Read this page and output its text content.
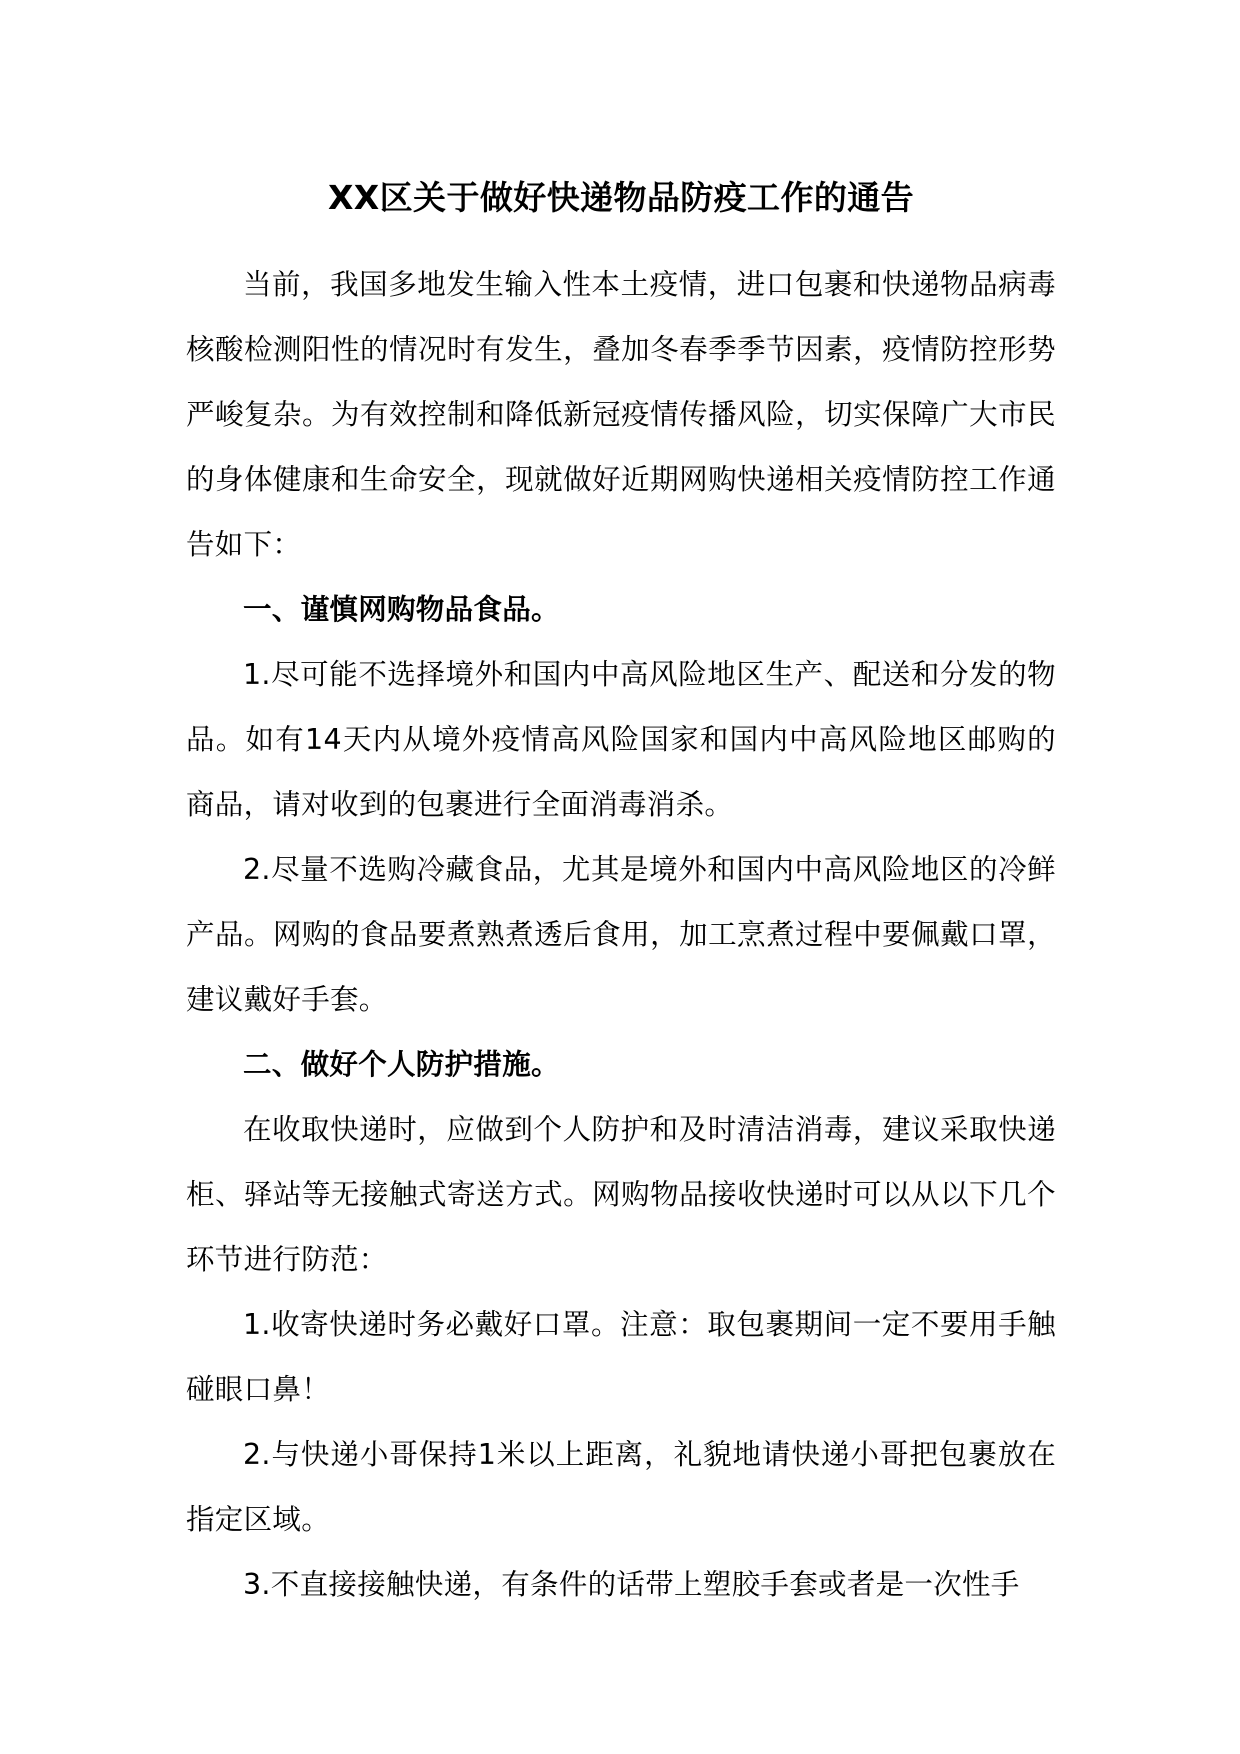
XX区关于做好快递物品防疫工作的通告

当前，我国多地发生输入性本土疫情，进口包裹和快递物品病毒核酸检测阳性的情况时有发生，叠加冬春季季节因素，疫情防控形势严峻复杂。为有效控制和降低新冠疫情传播风险，切实保障广大市民的身体健康和生命安全，现就做好近期网购快递相关疫情防控工作通告如下：

一、谨慎网购物品食品。

1.尽可能不选择境外和国内中高风险地区生产、配送和分发的物品。如有14天内从境外疫情高风险国家和国内中高风险地区邮购的商品，请对收到的包裹进行全面消毒消杀。

2.尽量不选购冷藏食品，尤其是境外和国内中高风险地区的冷鲜产品。网购的食品要煮熟煮透后食用，加工烹煮过程中要佩戴口罩，建议戴好手套。

二、做好个人防护措施。

在收取快递时，应做到个人防护和及时清洁消毒，建议采取快递柜、驿站等无接触式寄送方式。网购物品接收快递时可以从以下几个环节进行防范：

1.收寄快递时务必戴好口罩。注意：取包裹期间一定不要用手触碰眼口鼻！

2.与快递小哥保持1米以上距离，礼貌地请快递小哥把包裹放在指定区域。

3.不直接接触快递，有条件的话带上塑胶手套或者是一次性手
